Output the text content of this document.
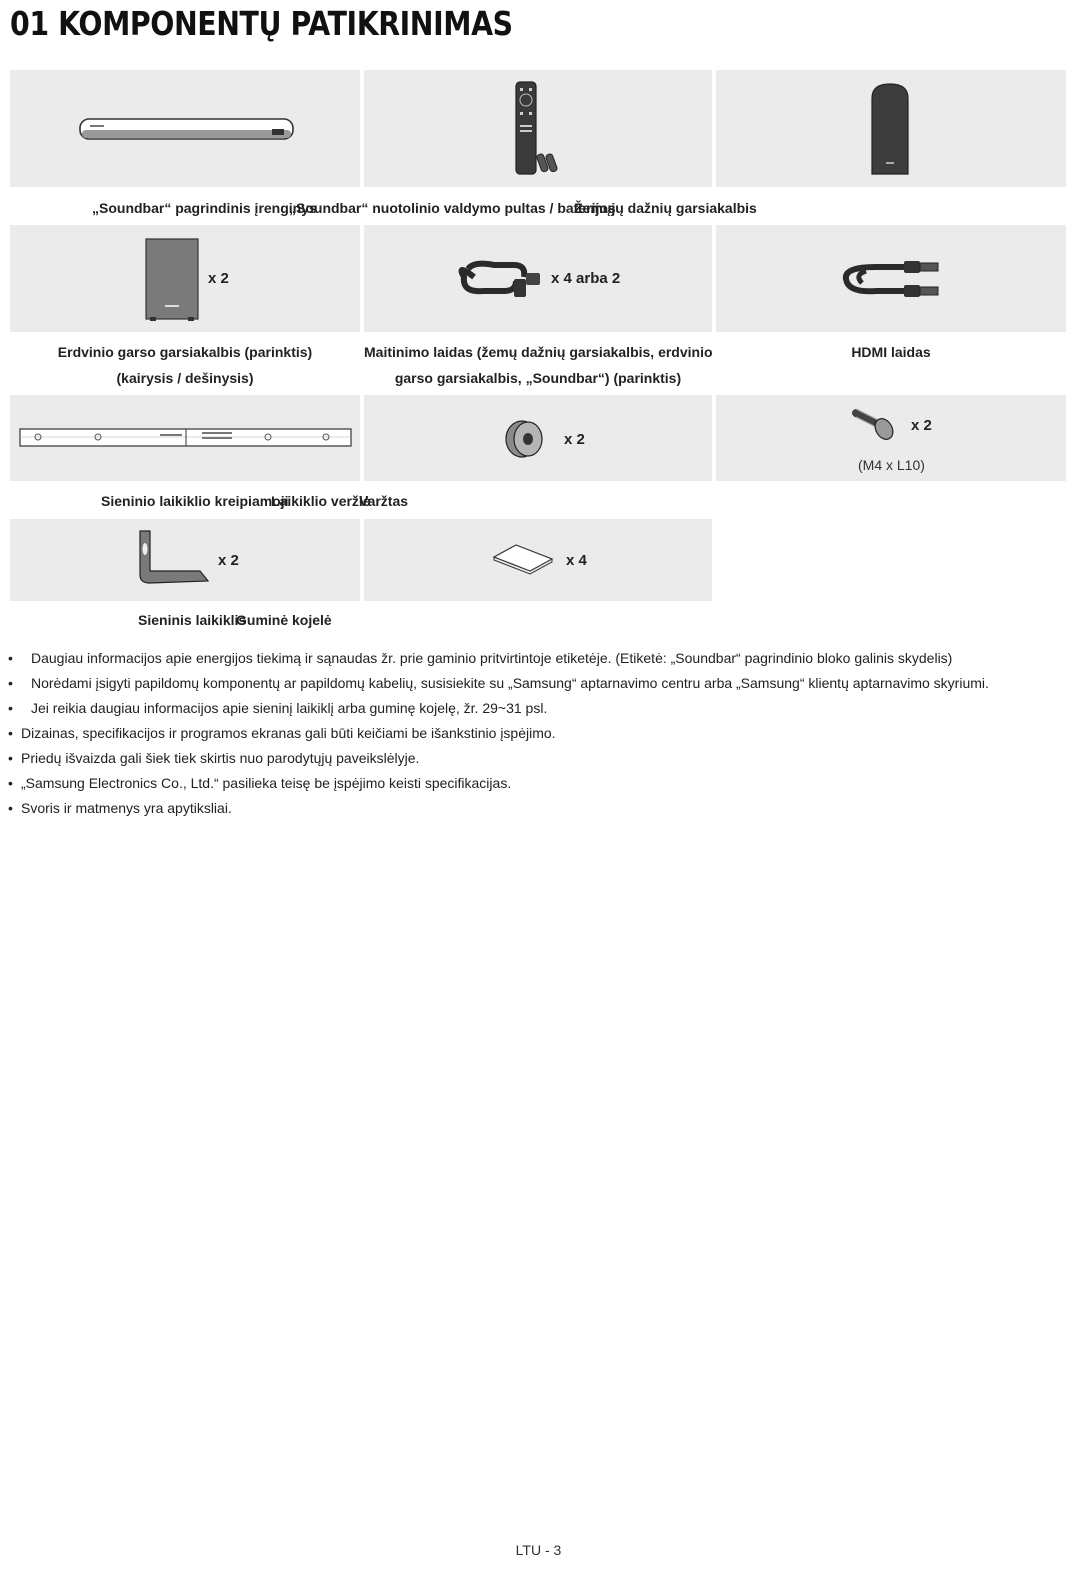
01 KOMPONENTŲ PATIKRINIMAS
„Soundbar“ pagrindinis įrenginys
„Soundbar“ nuotolinio valdymo pultas / baterijos
Žemųjų dažnių garsiakalbis
x 2	x 4 arba 2
Erdvinio garso garsiakalbis (parinktis)
(kairysis / dešinysis)
Maitinimo laidas (žemų dažnių garsiakalbis, erdvinio
garso garsiakalbis, „Soundbar“) (parinktis)
HDMI laidas
x 2
x 2
(M4 x L10)
Sieninio laikiklio kreipiamoji
Laikiklio veržlė
Varžtas
x 2	x 4
Sieninis laikiklis
Guminė kojelė
• Daugiau informacijos apie energijos tiekimą ir sąnaudas žr. prie gaminio pritvirtintoje etiketėje. (Etiketė: „Soundbar“ pagrindinio bloko galinis skydelis)
• Norėdami įsigyti papildomų komponentų ar papildomų kabelių, susisiekite su „Samsung“ aptarnavimo centru arba „Samsung“ klientų aptarnavimo skyriumi.
• Jei reikia daugiau informacijos apie sieninį laikiklį arba guminę kojelę, žr. 29~31 psl.
• Dizainas, specifikacijos ir programos ekranas gali būti keičiami be išankstinio įspėjimo.
• Priedų išvaizda gali šiek tiek skirtis nuo parodytųjų paveikslėlyje.
• „Samsung Electronics Co., Ltd.“ pasilieka teisę be įspėjimo keisti specifikacijas.
• Svoris ir matmenys yra apytiksliai.
LTU - 3
